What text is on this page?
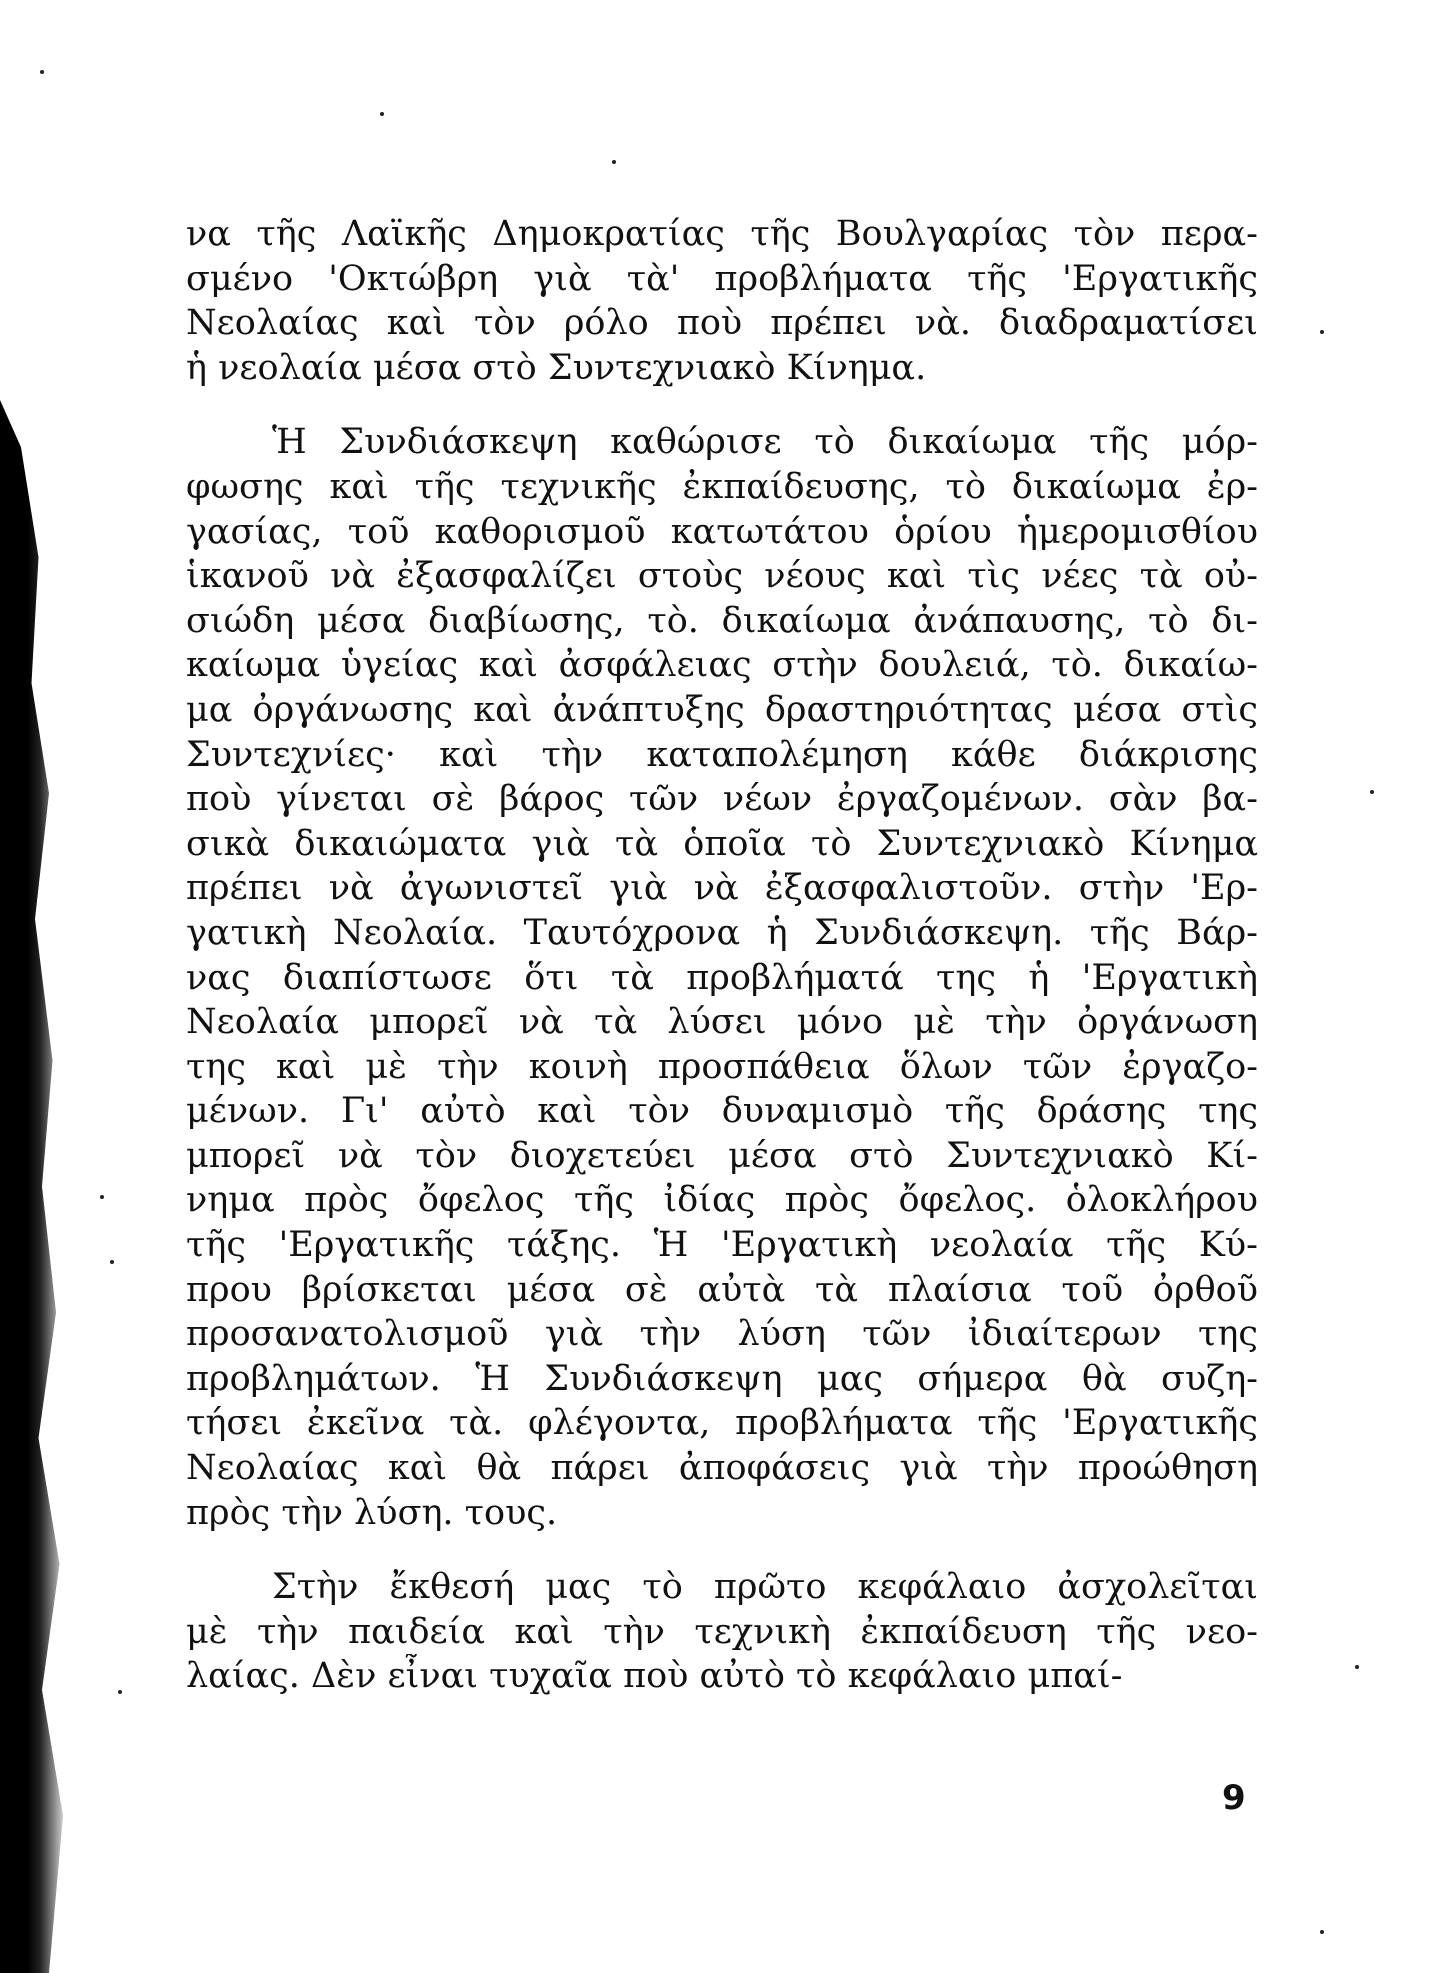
να τῆς Λαϊκῆς Δημοκρατίας τῆς Βουλγαρίας τὸν περα-
σμένο 'Οκτώβρη γιὰ τὰ' προβλήματα τῆς 'Εργατικῆς
Νεολαίας καὶ τὸν ρόλο ποὺ πρέπει νὰ. διαδραματίσει
ἡ νεολαία μέσα στὸ Συντεχνιακὸ Κίνημα.
Ἡ Συνδιάσκεψη καθώρισε τὸ δικαίωμα τῆς μόρ-
φωσης καὶ τῆς τεχνικῆς ἐκπαίδευσης, τὸ δικαίωμα ἐρ-
γασίας, τοῦ καθορισμοῦ κατωτάτου ὁρίου ἡμερομισθίου
ἱκανοῦ νὰ ἐξασφαλίζει στοὺς νέους καὶ τὶς νέες τὰ οὐ-
σιώδη μέσα διαβίωσης, τὸ. δικαίωμα ἀνάπαυσης, τὸ δι-
καίωμα ὑγείας καὶ ἀσφάλειας στὴν δουλειά, τὸ. δικαίω-
μα ὀργάνωσης καὶ ἀνάπτυξης δραστηριότητας μέσα στὶς
Συντεχνίες· καὶ τὴν καταπολέμηση κάθε διάκρισης
ποὺ γίνεται σὲ βάρος τῶν νέων ἐργαζομένων. σὰν βα-
σικὰ δικαιώματα γιὰ τὰ ὁποῖα τὸ Συντεχνιακὸ Κίνημα
πρέπει νὰ ἀγωνιστεῖ γιὰ νὰ ἐξασφαλιστοῦν. στὴν 'Ερ-
γατικὴ Νεολαία. Ταυτόχρονα ἡ Συνδιάσκεψη. τῆς Βάρ-
νας διαπίστωσε ὅτι τὰ προβλήματά της ἡ 'Εργατικὴ
Νεολαία μπορεῖ νὰ τὰ λύσει μόνο μὲ τὴν ὀργάνωση
της καὶ μὲ τὴν κοινὴ προσπάθεια ὅλων τῶν ἐργαζο-
μένων. Γι' αὐτὸ καὶ τὸν δυναμισμὸ τῆς δράσης της
μπορεῖ νὰ τὸν διοχετεύει μέσα στὸ Συντεχνιακὸ Κί-
νημα πρὸς ὄφελος τῆς ἰδίας πρὸς ὄφελος. ὁλοκλήρου
τῆς 'Εργατικῆς τάξης. Ἡ 'Εργατικὴ νεολαία τῆς Κύ-
πρου βρίσκεται μέσα σὲ αὐτὰ τὰ πλαίσια τοῦ ὀρθοῦ
προσανατολισμοῦ γιὰ τὴν λύση τῶν ἰδιαίτερων της
προβλημάτων. Ἡ Συνδιάσκεψη μας σήμερα θὰ συζη-
τήσει ἐκεῖνα τὰ. φλέγοντα, προβλήματα τῆς 'Εργατικῆς
Νεολαίας καὶ θὰ πάρει ἀποφάσεις γιὰ τὴν προώθηση
πρὸς τὴν λύση. τους.
Στὴν ἔκθεσή μας τὸ πρῶτο κεφάλαιο ἀσχολεῖται
μὲ τὴν παιδεία καὶ τὴν τεχνικὴ ἐκπαίδευση τῆς νεο-
λαίας. Δὲν εἶναι τυχαῖα ποὺ αὐτὸ τὸ κεφάλαιο μπαί-
9
